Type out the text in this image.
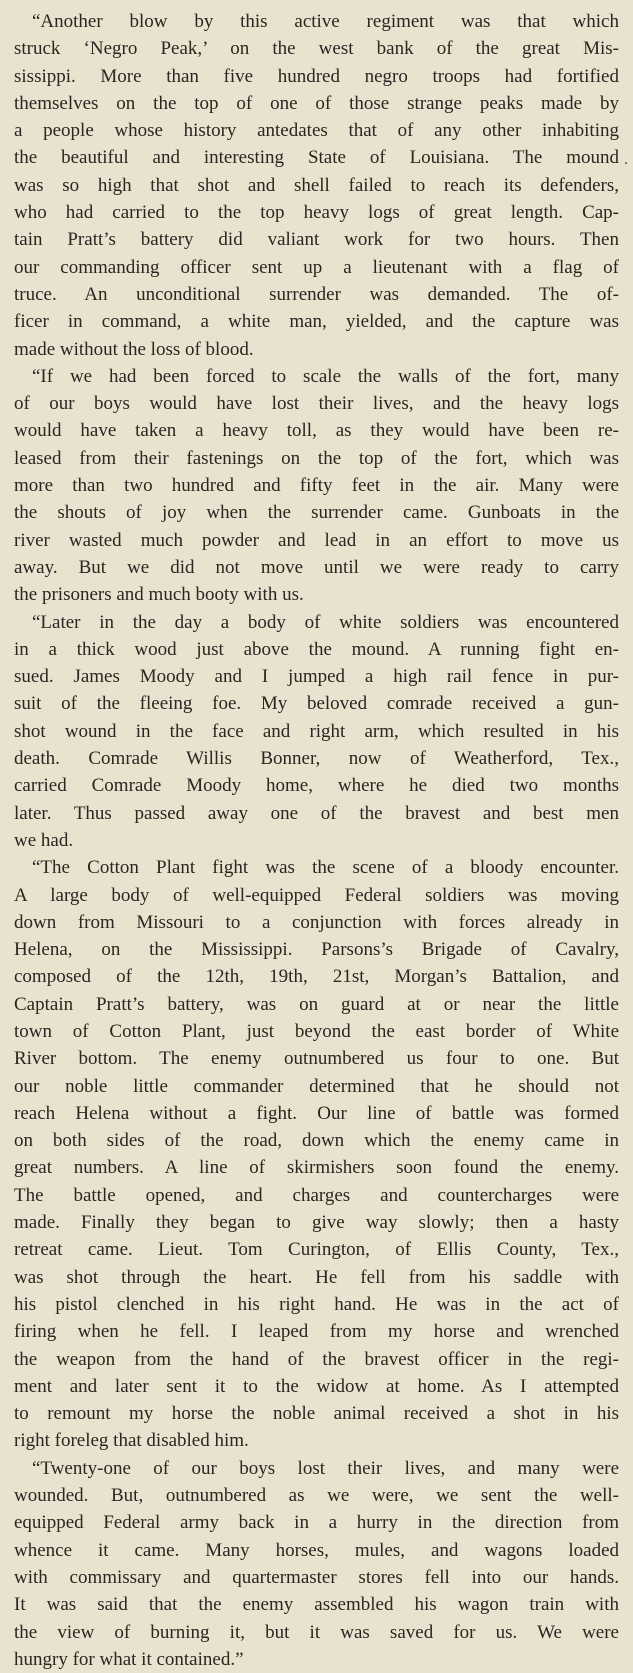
“Another blow by this active regiment was that which
struck ‘Negro Peak,’ on the west bank of the great Mis-
sissippi. More than five hundred negro troops had fortified
themselves on the top of one of those strange peaks made by
a people whose history antedates that of any other inhabiting
the beautiful and interesting State of Louisiana. The mound
was so high that shot and shell failed to reach its defenders,
who had carried to the top heavy logs of great length. Cap-
tain Pratt’s battery did valiant work for two hours. Then
our commanding officer sent up a lieutenant with a flag of
truce. An unconditional surrender was demanded. The of-
ficer in command, a white man, yielded, and the capture was
made without the loss of blood.
“If we had been forced to scale the walls of the fort, many
of our boys would have lost their lives, and the heavy logs
would have taken a heavy toll, as they would have been re-
leased from their fastenings on the top of the fort, which was
more than two hundred and fifty feet in the air. Many were
the shouts of joy when the surrender came. Gunboats in the
river wasted much powder and lead in an effort to move us
away. But we did not move until we were ready to carry
the prisoners and much booty with us.
“Later in the day a body of white soldiers was encountered
in a thick wood just above the mound. A running fight en-
sued. James Moody and I jumped a high rail fence in pur-
suit of the fleeing foe. My beloved comrade received a gun-
shot wound in the face and right arm, which resulted in his
death. Comrade Willis Bonner, now of Weatherford, Tex.,
carried Comrade Moody home, where he died two months
later. Thus passed away one of the bravest and best men
we had.
“The Cotton Plant fight was the scene of a bloody encounter.
A large body of well-equipped Federal soldiers was moving
down from Missouri to a conjunction with forces already in
Helena, on the Mississippi. Parsons’s Brigade of Cavalry,
composed of the 12th, 19th, 21st, Morgan’s Battalion, and
Captain Pratt’s battery, was on guard at or near the little
town of Cotton Plant, just beyond the east border of White
River bottom. The enemy outnumbered us four to one. But
our noble little commander determined that he should not
reach Helena without a fight. Our line of battle was formed
on both sides of the road, down which the enemy came in
great numbers. A line of skirmishers soon found the enemy.
The battle opened, and charges and countercharges were
made. Finally they began to give way slowly; then a hasty
retreat came. Lieut. Tom Curington, of Ellis County, Tex.,
was shot through the heart. He fell from his saddle with
his pistol clenched in his right hand. He was in the act of
firing when he fell. I leaped from my horse and wrenched
the weapon from the hand of the bravest officer in the regi-
ment and later sent it to the widow at home. As I attempted
to remount my horse the noble animal received a shot in his
right foreleg that disabled him.
“Twenty-one of our boys lost their lives, and many were
wounded. But, outnumbered as we were, we sent the well-
equipped Federal army back in a hurry in the direction from
whence it came. Many horses, mules, and wagons loaded
with commissary and quartermaster stores fell into our hands.
It was said that the enemy assembled his wagon train with
the view of burning it, but it was saved for us. We were
hungry for what it contained.”
